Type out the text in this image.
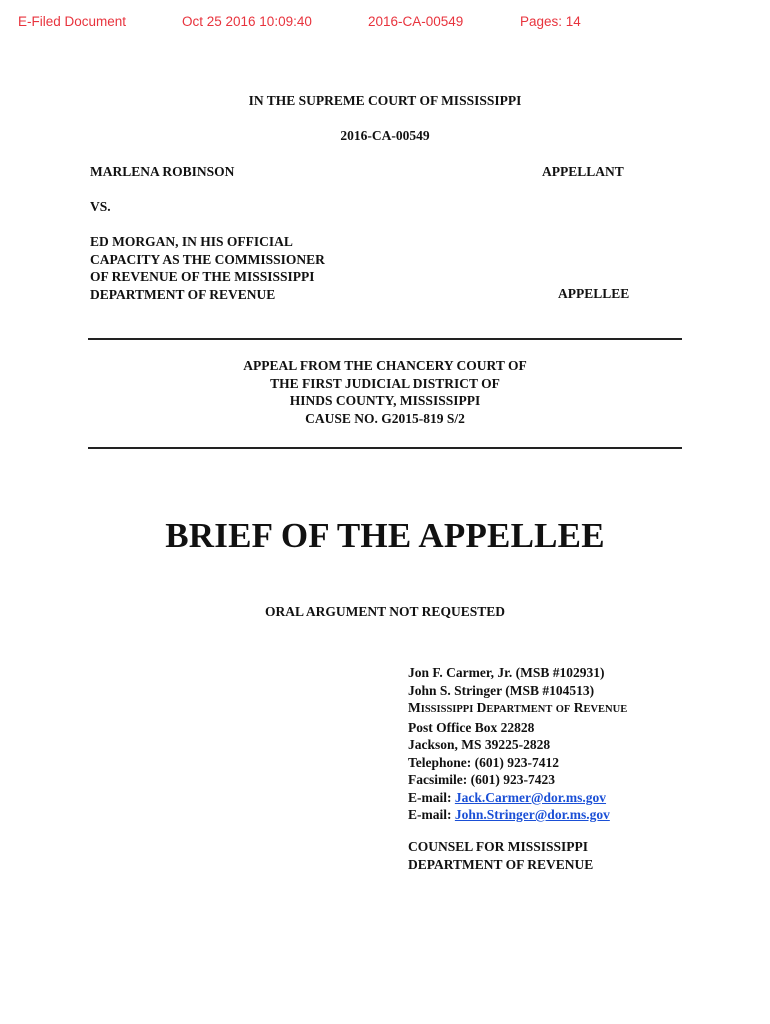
E-Filed Document	Oct 25 2016 10:09:40	2016-CA-00549	Pages: 14
IN THE SUPREME COURT OF MISSISSIPPI
2016-CA-00549
MARLENA ROBINSON	APPELLANT
VS.
ED MORGAN, IN HIS OFFICIAL
CAPACITY AS THE COMMISSIONER
OF REVENUE OF THE MISSISSIPPI
DEPARTMENT OF REVENUE	APPELLEE
APPEAL FROM THE CHANCERY COURT OF
THE FIRST JUDICIAL DISTRICT OF
HINDS COUNTY, MISSISSIPPI
CAUSE NO. G2015-819 S/2
BRIEF OF THE APPELLEE
ORAL ARGUMENT NOT REQUESTED
Jon F. Carmer, Jr. (MSB #102931)
John S. Stringer (MSB #104513)
MISSISSIPPI DEPARTMENT OF REVENUE
Post Office Box 22828
Jackson, MS 39225-2828
Telephone: (601) 923-7412
Facsimile: (601) 923-7423
E-mail: Jack.Carmer@dor.ms.gov
E-mail: John.Stringer@dor.ms.gov
COUNSEL FOR MISSISSIPPI
DEPARTMENT OF REVENUE
